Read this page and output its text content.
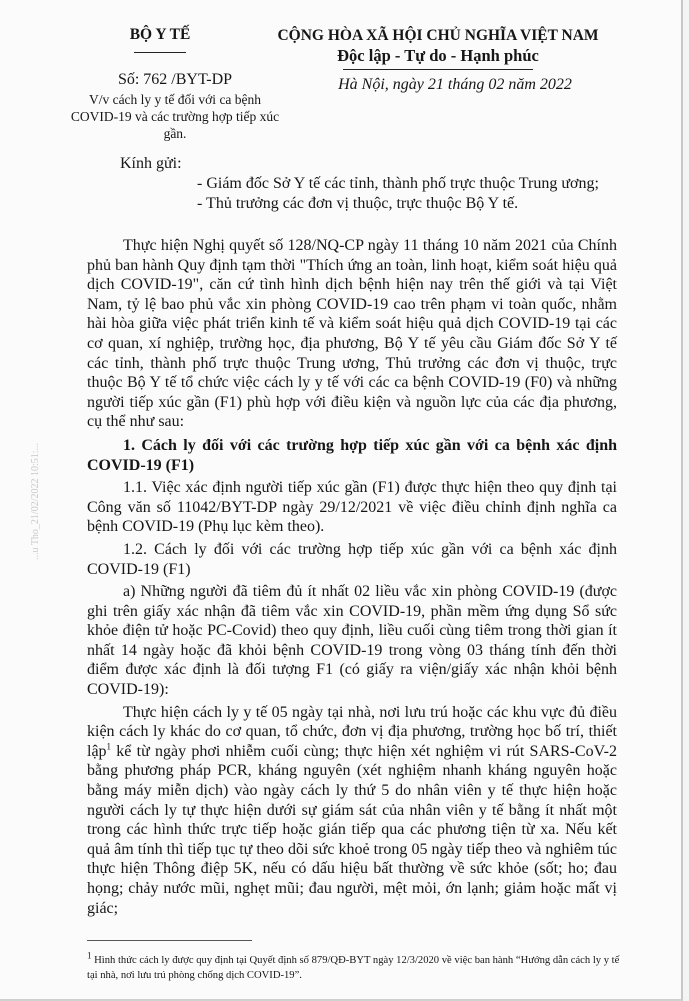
...u Tho_21/02/2022 10:51:...
BỘ Y TẾ	CỘNG HÒA XÃ HỘI CHỦ NGHĨA VIỆT NAM
Độc lập - Tự do - Hạnh phúc
Số: 762 /BYT-DP
V/v cách ly y tế đối với ca bệnh COVID-19 và các trường hợp tiếp xúc gần.
Hà Nội, ngày 21 tháng 02 năm 2022
Kính gửi:
- Giám đốc Sở Y tế các tỉnh, thành phố trực thuộc Trung ương;
- Thủ trưởng các đơn vị thuộc, trực thuộc Bộ Y tế.

Thực hiện Nghị quyết số 128/NQ-CP ngày 11 tháng 10 năm 2021 của Chính phủ ban hành Quy định tạm thời "Thích ứng an toàn, linh hoạt, kiểm soát hiệu quả dịch COVID-19", căn cứ tình hình dịch bệnh hiện nay trên thế giới và tại Việt Nam, tỷ lệ bao phủ vắc xin phòng COVID-19 cao trên phạm vi toàn quốc, nhằm hài hòa giữa việc phát triển kinh tế và kiểm soát hiệu quả dịch COVID-19 tại các cơ quan, xí nghiệp, trường học, địa phương, Bộ Y tế yêu cầu Giám đốc Sở Y tế các tỉnh, thành phố trực thuộc Trung ương, Thủ trưởng các đơn vị thuộc, trực thuộc Bộ Y tế tổ chức việc cách ly y tế với các ca bệnh COVID-19 (F0) và những người tiếp xúc gần (F1) phù hợp với điều kiện và nguồn lực của các địa phương, cụ thể như sau:

1. Cách ly đối với các trường hợp tiếp xúc gần với ca bệnh xác định COVID-19 (F1)

1.1. Việc xác định người tiếp xúc gần (F1) được thực hiện theo quy định tại Công văn số 11042/BYT-DP ngày 29/12/2021 về việc điều chỉnh định nghĩa ca bệnh COVID-19 (Phụ lục kèm theo).

1.2. Cách ly đối với các trường hợp tiếp xúc gần với ca bệnh xác định COVID-19 (F1)

a) Những người đã tiêm đủ ít nhất 02 liều vắc xin phòng COVID-19 (được ghi trên giấy xác nhận đã tiêm vắc xin COVID-19, phần mềm ứng dụng Sổ sức khỏe điện tử hoặc PC-Covid) theo quy định, liều cuối cùng tiêm trong thời gian ít nhất 14 ngày hoặc đã khỏi bệnh COVID-19 trong vòng 03 tháng tính đến thời điểm được xác định là đối tượng F1 (có giấy ra viện/giấy xác nhận khỏi bệnh COVID-19):

Thực hiện cách ly y tế 05 ngày tại nhà, nơi lưu trú hoặc các khu vực đủ điều kiện cách ly khác do cơ quan, tổ chức, đơn vị địa phương, trường học bố trí, thiết lập$^1$ kể từ ngày phơi nhiễm cuối cùng; thực hiện xét nghiệm vi rút SARS-CoV-2 bằng phương pháp PCR, kháng nguyên (xét nghiệm nhanh kháng nguyên hoặc bằng máy miễn dịch) vào ngày cách ly thứ 5 do nhân viên y tế thực hiện hoặc người cách ly tự thực hiện dưới sự giám sát của nhân viên y tế bằng ít nhất một trong các hình thức trực tiếp hoặc gián tiếp qua các phương tiện từ xa. Nếu kết quả âm tính thì tiếp tục tự theo dõi sức khoẻ trong 05 ngày tiếp theo và nghiêm túc thực hiện Thông điệp 5K, nếu có dấu hiệu bất thường về sức khỏe (sốt; ho; đau họng; chảy nước mũi, nghẹt mũi; đau người, mệt mỏi, ớn lạnh; giảm hoặc mất vị giác;

$^1$ Hình thức cách ly được quy định tại Quyết định số 879/QĐ-BYT ngày 12/3/2020 về việc ban hành “Hướng dẫn cách ly y tế tại nhà, nơi lưu trú phòng chống dịch COVID-19”.
